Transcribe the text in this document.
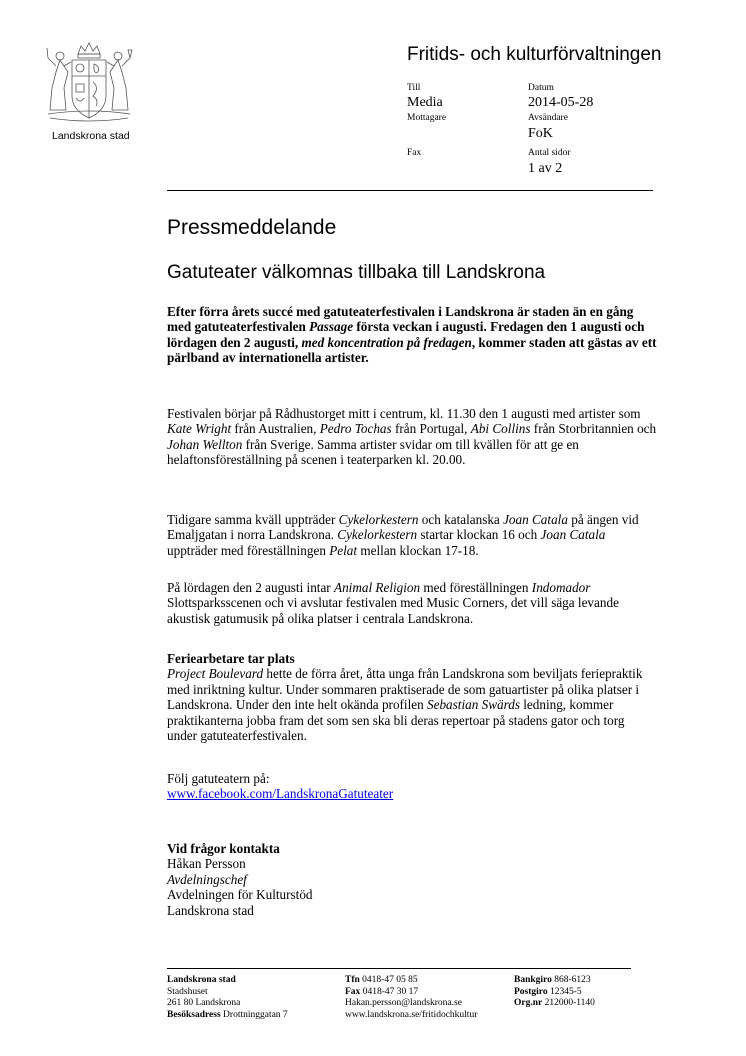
Landskrona stad
Fritids- och kulturförvaltningen
Till
Media
Mottagare
Fax
Datum
2014-05-28
Avsändare
FoK
Antal sidor
1 av 2
Pressmeddelande
Gatuteater välkomnas tillbaka till Landskrona

Efter förra årets succé med gatuteaterfestivalen i Landskrona är staden än en gång med gatuteaterfestivalen Passage första veckan i augusti. Fredagen den 1 augusti och lördagen den 2 augusti, med koncentration på fredagen, kommer staden att gästas av ett pärlband av internationella artister.

Festivalen börjar på Rådhustorget mitt i centrum, kl. 11.30 den 1 augusti med artister som Kate Wright från Australien, Pedro Tochas från Portugal, Abi Collins från Storbritannien och Johan Wellton från Sverige. Samma artister svidar om till kvällen för att ge en helaftonsföreställning på scenen i teaterparken kl. 20.00.

Tidigare samma kväll uppträder Cykelorkestern och katalanska Joan Catala på ängen vid Emaljgatan i norra Landskrona. Cykelorkestern startar klockan 16 och Joan Catala uppträder med föreställningen Pelat mellan klockan 17-18.

På lördagen den 2 augusti intar Animal Religion med föreställningen Indomador Slottsparksscenen och vi avslutar festivalen med Music Corners, det vill säga levande akustisk gatumusik på olika platser i centrala Landskrona.

Feriearbetare tar plats

Project Boulevard hette de förra året, åtta unga från Landskrona som beviljats feriepraktik med inriktning kultur. Under sommaren praktiserade de som gatuartister på olika platser i Landskrona. Under den inte helt okända profilen Sebastian Swärds ledning, kommer praktikanterna jobba fram det som sen ska bli deras repertoar på stadens gator och torg under gatuteaterfestivalen.

Följ gatuteatern på:

www.facebook.com/LandskronaGatuteater

Vid frågor kontakta

Håkan Persson

Avdelningschef

Avdelningen för Kulturstöd

Landskrona stad

Landskrona stad
Stadshuset
261 80 Landskrona
Besöksadress Drottninggatan 7
Tfn 0418-47 05 85
Fax 0418-47 30 17
Hakan.persson@landskrona.se
www.landskrona.se/fritidochkultur
Bankgiro 868-6123
Postgiro 12345-5
Org.nr 212000-1140
